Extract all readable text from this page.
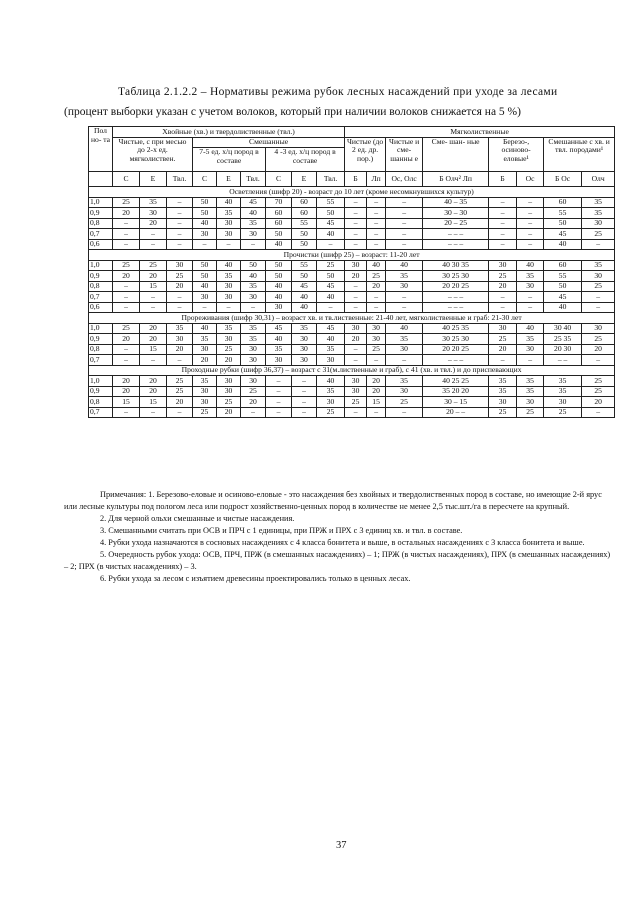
Таблица 2.1.2.2 – Нормативы режима рубок лесных насаждений при уходе за лесами
(процент выборки указан с учетом волоков, который при наличии волоков снижается на 5 %)
Пол но- та	Хвойные (хв.) и твердолиственные (твл.)									Мягколиственные							
	Чистые, с при месью до 2-х ед. мягколиствен.			Смешанные						Чистые (до 2 ед. др. пор.)		Чистые и сме- шанны е	Сме- шан- ные	Березо-, осиново- еловые¹		Смешанные с хв. и твл. породами¹	
				7-5 ед. х/ц пород в составе			4 -3 ед. х/ц пород в составе										
	С	Е	Твл.	С	Е	Твл.	С	Е	Твл.	Б	Лп	Ос, Олс	Б Олч² Лп	Б	Ос	Б Ос	Олч
Осветления (шифр 20) - возраст до 10 лет (кроме несомкнувшихся культур)																	
1,0	25	35	–	50	40	45	70	60	55	–	–	–	40 – 35	–	–	60	35
0,9	20	30	–	50	35	40	60	60	50	–	–	–	30 – 30	–	–	55	35
0,8	–	20	–	40	30	35	60	55	45	–	–	–	20 – 25	–	–	50	30
0,7	–	–	–	30	30	30	50	50	40	–	–	–	– – –	–	–	45	25
0,6	–	–	–	–	–	–	40	50	–	–	–	–	– – –	–	–	40	–
Прочистки (шифр 25) – возраст: 11-20 лет																	
1,0	25	25	30	50	40	50	50	55	25	30	40	40	40 30 35	30	40	60	35
0,9	20	20	25	50	35	40	50	50	50	20	25	35	30 25 30	25	35	55	30
0,8	–	15	20	40	30	35	40	45	45	–	20	30	20 20 25	20	30	50	25
0,7	–	–	–	30	30	30	40	40	40	–	–	–	– – –	–	–	45	–
0,6	–	–	–	–	–	–	30	40	–	–	–	–	– – –	–	–	40	–
Прореживания (шифр 30,31) – возраст хв. и тв.лиственные: 21-40 лет, мягколиственные и граб: 21-30 лет																	
1,0	25	20	35	40	35	35	45	35	45	30	30	40	40 25 35	30	40	30 40	30
0,9	20	20	30	35	30	35	40	30	40	20	30	35	30 25 30	25	35	25 35	25
0,8	–	15	20	30	25	30	35	30	35	–	25	30	20 20 25	20	30	20 30	20
0,7	–	–	–	20	20	30	30	30	30	–	–	–	– – –	–	–	– –	–
Проходные рубки (шифр 36,37) – возраст с 31(м.лиственные и граб), с 41 (хв. и твл.) и до приспевающих																	
1,0	20	20	25	35	30	30	–	–	40	30	20	35	40 25 25	35	35	35	25
0,9	20	20	25	30	30	25	–	–	35	30	20	30	35 20 20	35	35	35	25
0,8	15	15	20	30	25	20	–	–	30	25	15	25	30 – 15	30	30	30	20
0,7	–	–	–	25	20	–	–	–	25	–	–	–	20 – –	25	25	25	–

Примечания: 1. Березово-еловые и осиново-еловые - это насаждения без хвойных и твердолиственных пород в составе, но имеющие 2-й ярус или лесные культуры под пологом леса или подрост хозяйственно-ценных пород в количестве не менее 2,5 тыс.шт./га в пересчете на крупный.

2. Для черной ольхи смешанные и чистые насаждения.

3. Смешанными считать при ОСВ и ПРЧ с 1 единицы, при ПРЖ и ПРХ с 3 единиц хв. и твл. в составе.

4. Рубки ухода назначаются в сосновых насаждениях с 4 класса бонитета и выше, в остальных насаждениях с 3 класса бонитета и выше.

5. Очередность рубок ухода: ОСВ, ПРЧ, ПРЖ (в смешанных насаждениях) – 1; ПРЖ (в чистых насаждениях), ПРХ (в смешанных насаждениях) – 2; ПРХ (в чистых насаждениях) – 3.

6. Рубки ухода за лесом с изъятием древесины проектировались только в ценных лесах.

37
